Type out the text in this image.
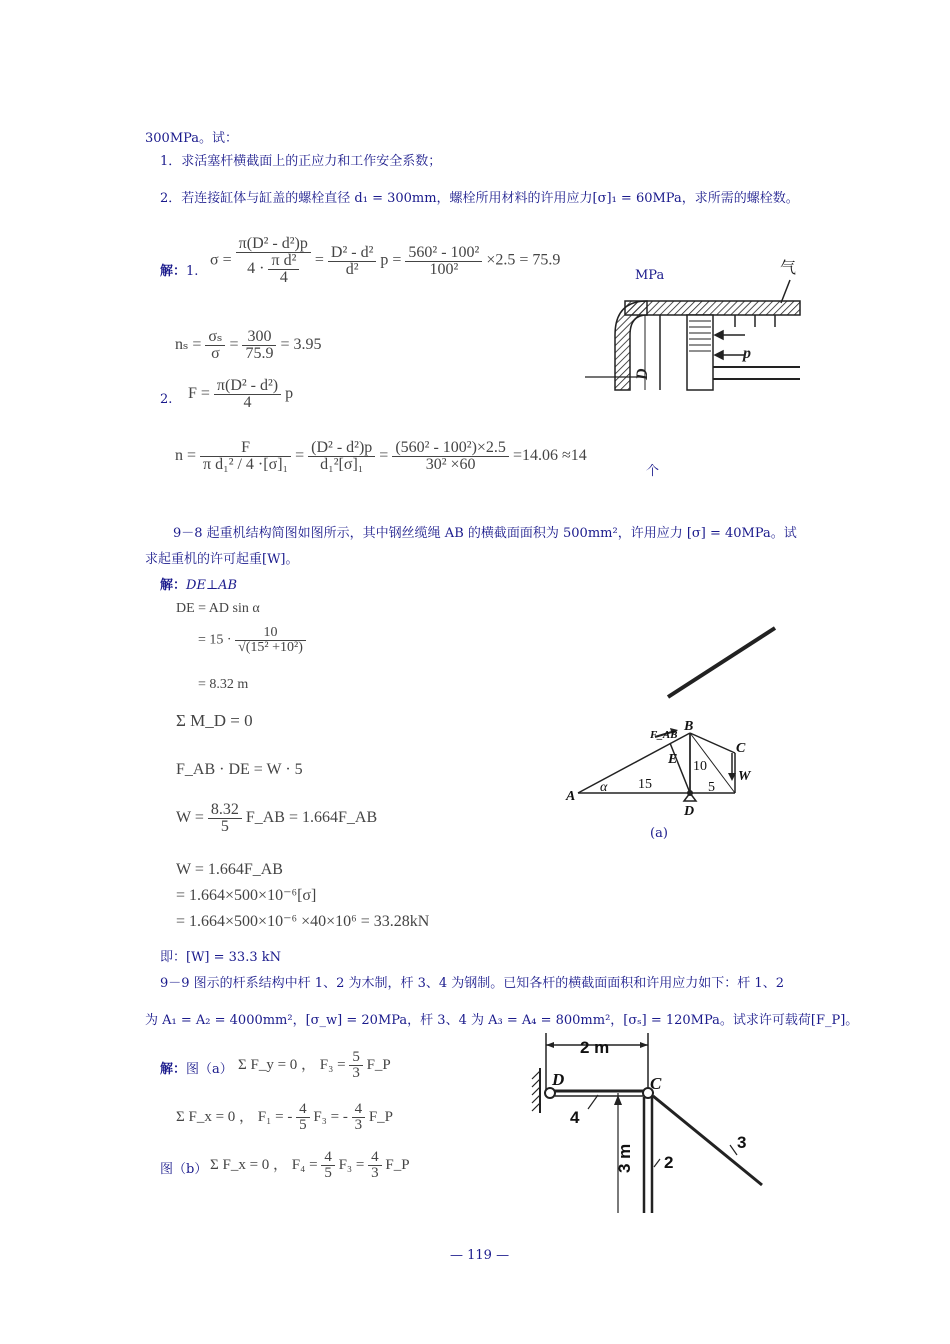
300MPa。试：
1．求活塞杆横截面上的正应力和工作安全系数；
2．若连接缸体与缸盖的螺栓直径 d₁ = 300mm，螺栓所用材料的许用应力[σ]₁ = 60MPa，求所需的螺栓数。
解：1.
$\sigma = \frac{\text{π(D² - d²)p}}{4 \cdot \frac{\text{π d²}}{4}} = \frac{\text{D² - d²}}{\text{d²}}$ $p = \frac{\text{560² - 100²}}{\text{100²}} \times 2.5 = 75.9$
MPa
$n_s = \frac{\text{σₛ}}{\sigma} = \frac{300}{75.9} = 3.95$
2. $F = \frac{\text{π(D² - d²)}}{4}$ p
$n = \frac{F}{\text{π d₁² / 4 ·[σ]₁}} = \frac{\text{(D² - d²)p}}{\text{d₁²[σ]₁}} = \frac{\text{(560² - 100²)×2.5}}{\text{30² ×60}} =14.06 \approx 14$
个
D
p
气
9－8 起重机结构简图如图所示，其中钢丝缆绳 AB 的横截面面积为 500mm²，许用应力 [σ] = 40MPa。试
求起重机的许可起重[W]。
解：DE⊥AB
DE = AD sin α
= $15 \cdot \frac{10}{\text{√(15² +10²)}}$
= 8.32 m
Σ M_D = 0
F_AB · DE = W · 5
$W = \frac{8.32}{5}$ F_AB = 1.664F_AB
W = 1.664F_AB
= 1.664×500×10⁻⁶[σ]
= 1.664×500×10⁻⁶ ×40×10⁶ = 33.28kN
即：[W] = 33.3 kN
F_AB
B
E 10
C
W
A
α 15	5
D
(a)
9－9 图示的杆系结构中杆 1、2 为木制，杆 3、4 为钢制。已知各杆的横截面面积和许用应力如下：杆 1、2
为 A₁ = A₂ = 4000mm²，[σ_w] = 20MPa，杆 3、4 为 A₃ = A₄ = 800mm²，[σₛ] = 120MPa。试求许可载荷[F_P]。
解：图（a） Σ F_y = 0 ， $F_3 = \frac{5}{3}$ F_P
Σ F_x = 0 ， F₁ = - $\frac{4}{5} F_3$ = - $\frac{4}{3}$ F_P
图（b） Σ F_x = 0 ， $F_4 = \frac{4}{5} F_3 = \frac{4}{3}$ F_P
2 m
D	C
4
3
3 m 2
— 119 —
